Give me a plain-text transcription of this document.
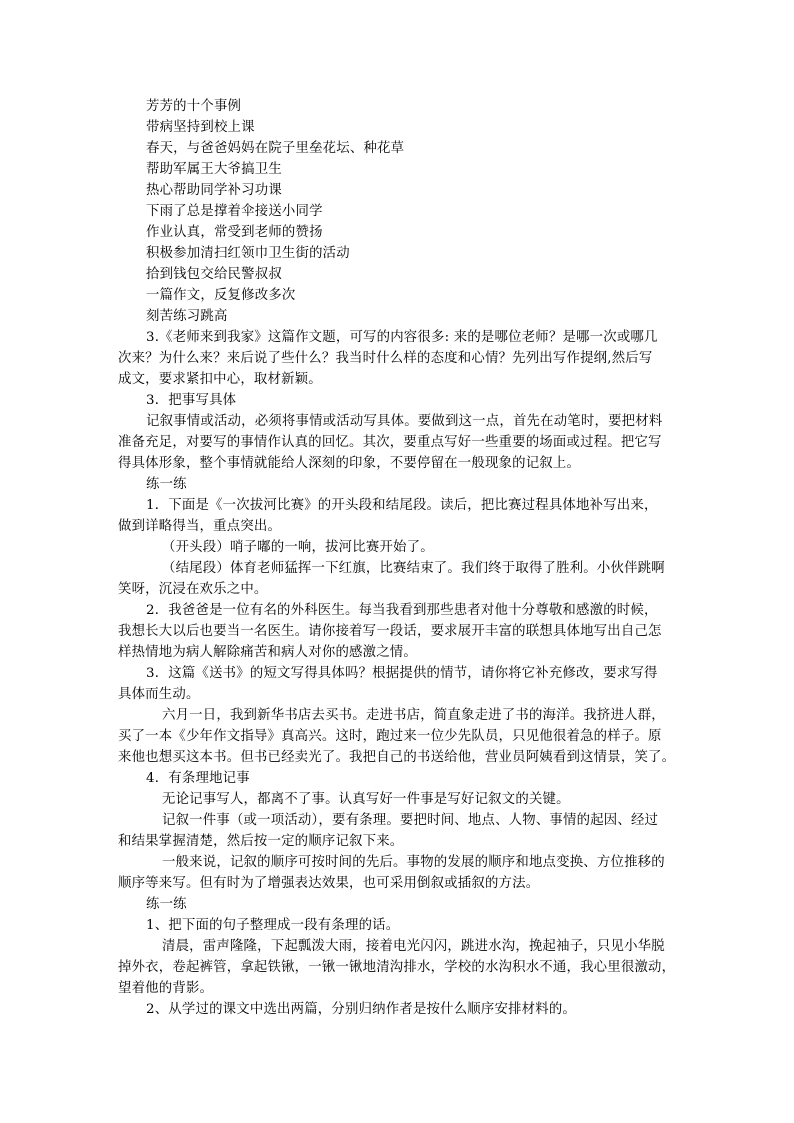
芳芳的十个事例
带病坚持到校上课
春天，与爸爸妈妈在院子里垒花坛、种花草
帮助军属王大爷搞卫生
热心帮助同学补习功课
下雨了总是撑着伞接送小同学
作业认真，常受到老师的赞扬
积极参加清扫红领巾卫生街的活动
拾到钱包交给民警叔叔
一篇作文，反复修改多次
刻苦练习跳高
3.《老师来到我家》这篇作文题，可写的内容很多: 来的是哪位老师？是哪一次或哪几
次来？为什么来？来后说了些什么？我当时什么样的态度和心情？先列出写作提纲,然后写
成文，要求紧扣中心，取材新颖。
3．把事写具体
记叙事情或活动，必须将事情或活动写具体。要做到这一点，首先在动笔时，要把材料
准备充足，对要写的事情作认真的回忆。其次，要重点写好一些重要的场面或过程。把它写
得具体形象，整个事情就能给人深刻的印象，不要停留在一般现象的记叙上。
练一练
1．下面是《一次拔河比赛》的开头段和结尾段。读后，把比赛过程具体地补写出来，
做到详略得当，重点突出。
（开头段）哨子嘟的一响，拔河比赛开始了。
（结尾段）体育老师猛挥一下红旗，比赛结束了。我们终于取得了胜利。小伙伴跳啊
笑呀，沉浸在欢乐之中。
2．我爸爸是一位有名的外科医生。每当我看到那些患者对他十分尊敬和感激的时候，
我想长大以后也要当一名医生。请你接着写一段话，要求展开丰富的联想具体地写出自己怎
样热情地为病人解除痛苦和病人对你的感激之情。
3．这篇《送书》的短文写得具体吗？根据提供的情节，请你将它补充修改，要求写得
具体而生动。
六月一日，我到新华书店去买书。走进书店，简直象走进了书的海洋。我挤进人群，
买了一本《少年作文指导》真高兴。这时，跑过来一位少先队员，只见他很着急的样子。原
来他也想买这本书。但书已经卖光了。我把自己的书送给他，营业员阿姨看到这情景，笑了。
4．有条理地记事
无论记事写人，都离不了事。认真写好一件事是写好记叙文的关键。
记叙一件事（或一项活动），要有条理。要把时间、地点、人物、事情的起因、经过
和结果掌握清楚，然后按一定的顺序记叙下来。
一般来说，记叙的顺序可按时间的先后。事物的发展的顺序和地点变换、方位推移的
顺序等来写。但有时为了增强表达效果，也可采用倒叙或插叙的方法。
练一练
1、把下面的句子整理成一段有条理的话。
清晨，雷声隆隆，下起瓢泼大雨，接着电光闪闪，跳进水沟，挽起袖子，只见小华脱
掉外衣，卷起裤管，拿起铁锹，一锹一锹地清沟排水，学校的水沟积水不通，我心里很激动，
望着他的背影。
2、从学过的课文中选出两篇，分别归纳作者是按什么顺序安排材料的。
